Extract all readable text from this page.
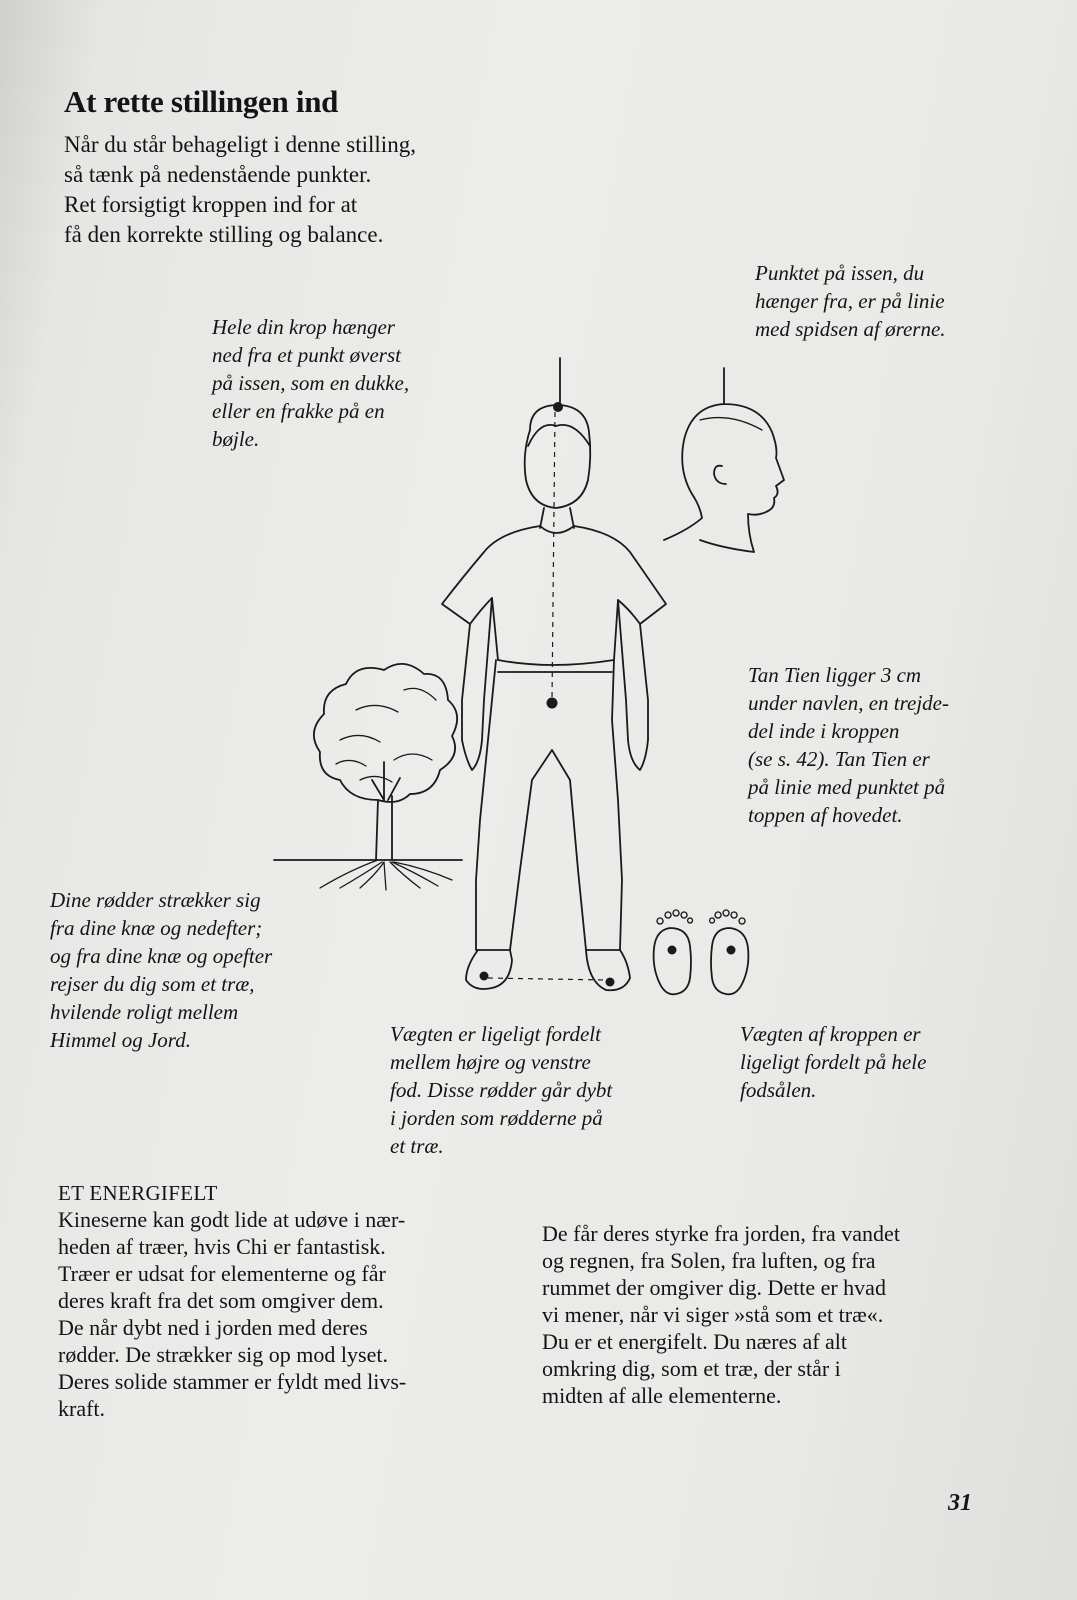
At rette stillingen ind
Når du står behageligt i denne stilling,
så tænk på nedenstående punkter.
Ret forsigtigt kroppen ind for at
få den korrekte stilling og balance.
Punktet på issen, du
hænger fra, er på linie
med spidsen af ørerne.
Hele din krop hænger
ned fra et punkt øverst
på issen, som en dukke,
eller en frakke på en
bøjle.
Tan Tien ligger 3 cm
under navlen, en trejde-
del inde i kroppen
(se s. 42). Tan Tien er
på linie med punktet på
toppen af hovedet.
Dine rødder strækker sig
fra dine knæ og nedefter;
og fra dine knæ og opefter
rejser du dig som et træ,
hvilende roligt mellem
Himmel og Jord.	Vægten er ligeligt fordelt
mellem højre og venstre
fod. Disse rødder går dybt
i jorden som rødderne på
et træ.
Vægten af kroppen er
ligeligt fordelt på hele
fodsålen.
ET ENERGIFELT
Kineserne kan godt lide at udøve i nær-
heden af træer, hvis Chi er fantastisk.
Træer er udsat for elementerne og får
deres kraft fra det som omgiver dem.
De når dybt ned i jorden med deres
rødder. De strækker sig op mod lyset.
Deres solide stammer er fyldt med livs-
kraft.
De får deres styrke fra jorden, fra vandet
og regnen, fra Solen, fra luften, og fra
rummet der omgiver dig. Dette er hvad
vi mener, når vi siger »stå som et træ«.
Du er et energifelt. Du næres af alt
omkring dig, som et træ, der står i
midten af alle elementerne.
31
